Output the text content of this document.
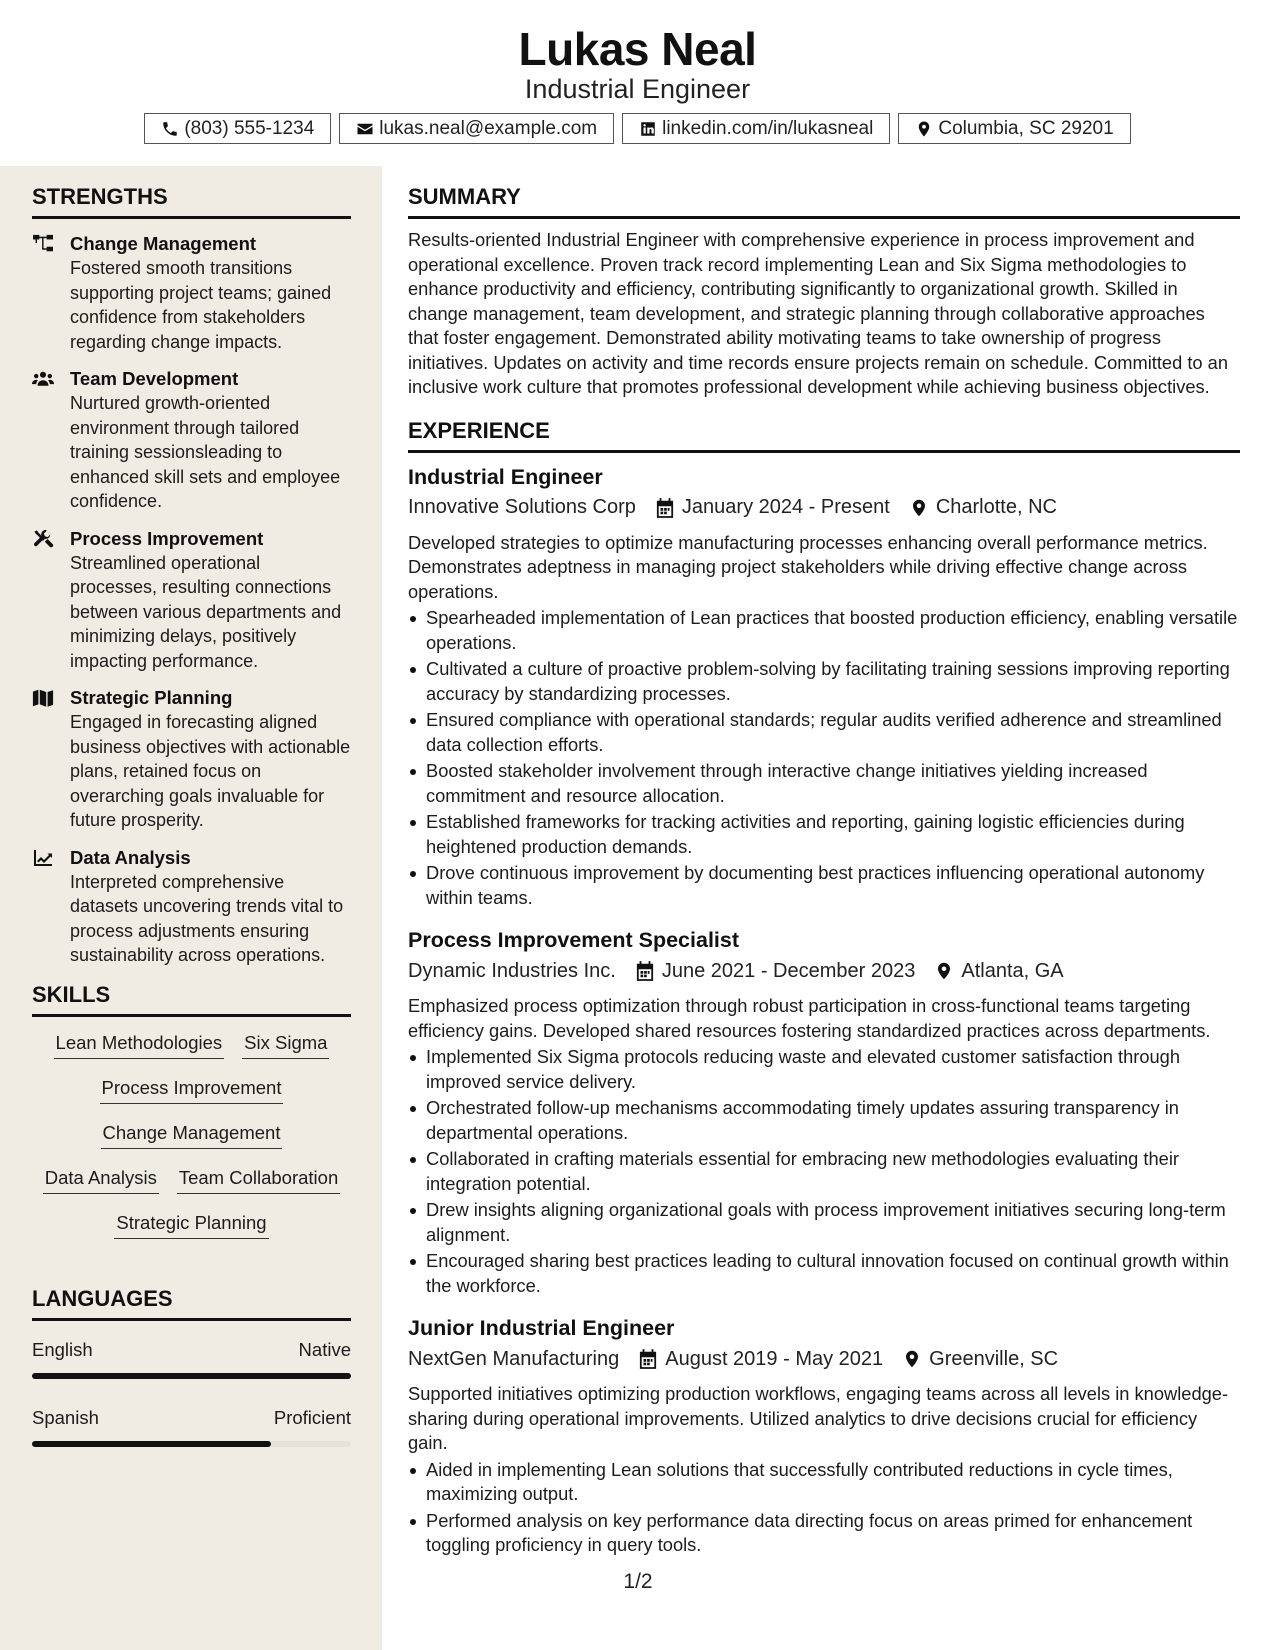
Lukas Neal
Industrial Engineer
(803) 555-1234	lukas.neal@example.com	linkedin.com/in/lukasneal	Columbia, SC 29201
STRENGTHS
Change Management
Fostered smooth transitions supporting project teams; gained confidence from stakeholders regarding change impacts.
Team Development
Nurtured growth-oriented environment through tailored training sessionsleading to enhanced skill sets and employee confidence.
Process Improvement
Streamlined operational processes, resulting connections between various departments and minimizing delays, positively impacting performance.
Strategic Planning
Engaged in forecasting aligned business objectives with actionable plans, retained focus on overarching goals invaluable for future prosperity.
Data Analysis
Interpreted comprehensive datasets uncovering trends vital to process adjustments ensuring sustainability across operations.
SKILLS
Lean Methodologies Six Sigma
Process Improvement
Change Management
Data Analysis Team Collaboration
Strategic Planning
LANGUAGES
English	Native
Spanish	Proficient
SUMMARY
Results-oriented Industrial Engineer with comprehensive experience in process improvement and operational excellence. Proven track record implementing Lean and Six Sigma methodologies to enhance productivity and efficiency, contributing significantly to organizational growth. Skilled in change management, team development, and strategic planning through collaborative approaches that foster engagement. Demonstrated ability motivating teams to take ownership of progress initiatives. Updates on activity and time records ensure projects remain on schedule. Committed to an inclusive work culture that promotes professional development while achieving business objectives.
EXPERIENCE
Industrial Engineer
Innovative Solutions Corp January 2024 - Present Charlotte, NC
Developed strategies to optimize manufacturing processes enhancing overall performance metrics. Demonstrates adeptness in managing project stakeholders while driving effective change across operations.
Spearheaded implementation of Lean practices that boosted production efficiency, enabling versatile operations.
Cultivated a culture of proactive problem-solving by facilitating training sessions improving reporting accuracy by standardizing processes.
Ensured compliance with operational standards; regular audits verified adherence and streamlined data collection efforts.
Boosted stakeholder involvement through interactive change initiatives yielding increased commitment and resource allocation.
Established frameworks for tracking activities and reporting, gaining logistic efficiencies during heightened production demands.
Drove continuous improvement by documenting best practices influencing operational autonomy within teams.
Process Improvement Specialist
Dynamic Industries Inc. June 2021 - December 2023 Atlanta, GA
Emphasized process optimization through robust participation in cross-functional teams targeting efficiency gains. Developed shared resources fostering standardized practices across departments.
Implemented Six Sigma protocols reducing waste and elevated customer satisfaction through improved service delivery.
Orchestrated follow-up mechanisms accommodating timely updates assuring transparency in departmental operations.
Collaborated in crafting materials essential for embracing new methodologies evaluating their integration potential.
Drew insights aligning organizational goals with process improvement initiatives securing long-term alignment.
Encouraged sharing best practices leading to cultural innovation focused on continual growth within the workforce.
Junior Industrial Engineer
NextGen Manufacturing August 2019 - May 2021 Greenville, SC
Supported initiatives optimizing production workflows, engaging teams across all levels in knowledge-sharing during operational improvements. Utilized analytics to drive decisions crucial for efficiency gain.
Aided in implementing Lean solutions that successfully contributed reductions in cycle times, maximizing output.
Performed analysis on key performance data directing focus on areas primed for enhancement toggling proficiency in query tools.
1/2
